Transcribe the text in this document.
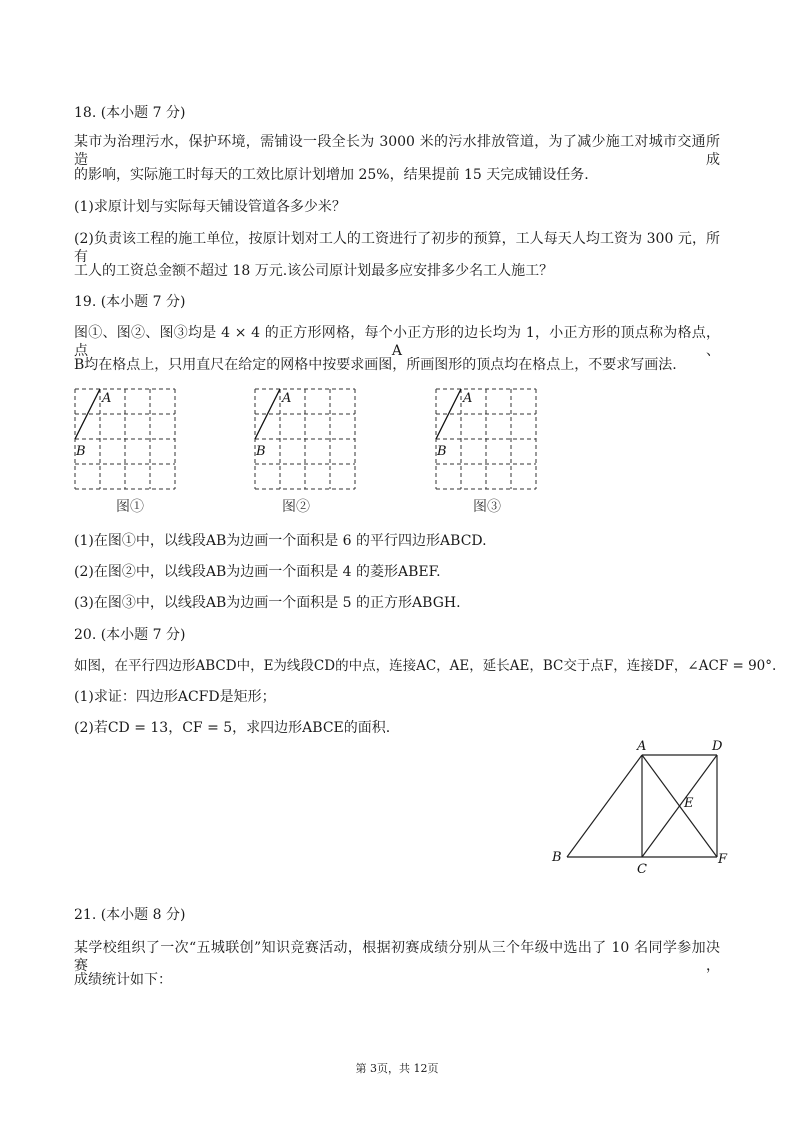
18. (本小题 7 分)
某市为治理污水，保护环境，需铺设一段全长为 3000 米的污水排放管道，为了减少施工对城市交通所造成
的影响，实际施工时每天的工效比原计划增加 25%，结果提前 15 天完成铺设任务.
(1)求原计划与实际每天铺设管道各多少米？
(2)负责该工程的施工单位，按原计划对工人的工资进行了初步的预算，工人每天人均工资为 300 元，所有
工人的工资总金额不超过 18 万元.该公司原计划最多应安排多少名工人施工？
19. (本小题 7 分)
图①、图②、图③均是 4 × 4 的正方形网格，每个小正方形的边长均为 1，小正方形的顶点称为格点，点A、
B均在格点上，只用直尺在给定的网格中按要求画图，所画图形的顶点均在格点上，不要求写画法.
A
B
图①
A
B
图②
A
B
图③
(1)在图①中，以线段AB为边画一个面积是 6 的平行四边形ABCD.
(2)在图②中，以线段AB为边画一个面积是 4 的菱形ABEF.
(3)在图③中，以线段AB为边画一个面积是 5 的正方形ABGH.
20. (本小题 7 分)
如图，在平行四边形ABCD中，E为线段CD的中点，连接AC，AE，延长AE，BC交于点F，连接DF，∠ACF = 90°.
(1)求证：四边形ACFD是矩形；
(2)若CD = 13，CF = 5，求四边形ABCE的面积.
A	D
E
B
C
F
21. (本小题 8 分)
某学校组织了一次“五城联创”知识竞赛活动，根据初赛成绩分别从三个年级中选出了 10 名同学参加决赛，
成绩统计如下：
第 3页，共 12页
